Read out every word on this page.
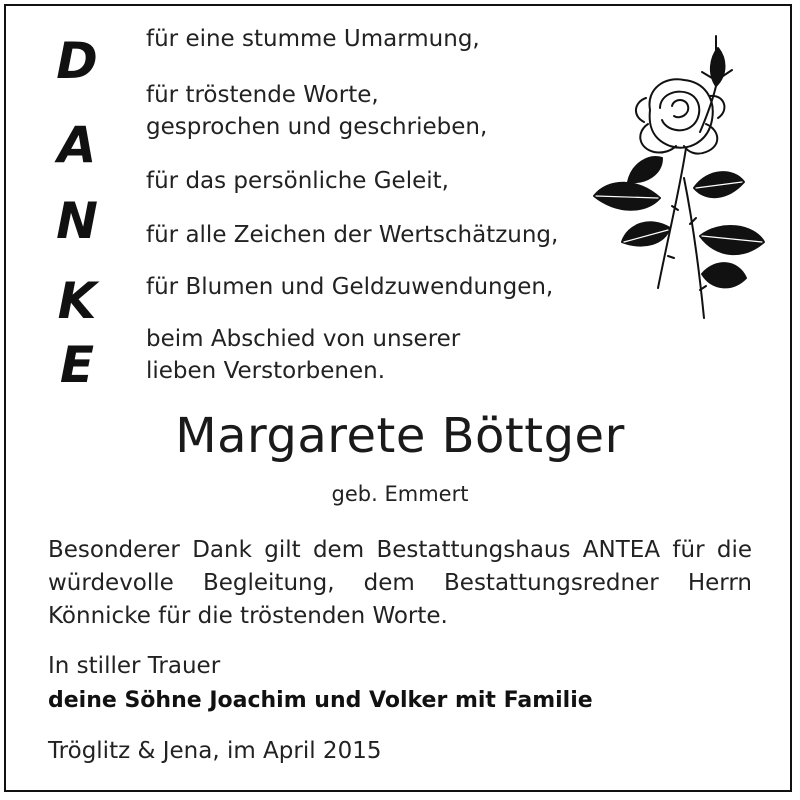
D
A
N
K
E
für eine stumme Umarmung,
für tröstende Worte,
gesprochen und geschrieben,
für das persönliche Geleit,
für alle Zeichen der Wertschätzung,
für Blumen und Geldzuwendungen,
beim Abschied von unserer
lieben Verstorbenen.
Margarete Böttger
geb. Emmert
Besonderer Dank gilt dem Bestattungshaus ANTEA für die würdevolle Begleitung, dem Bestattungsredner Herrn Könnicke für die tröstenden Worte.
In stiller Trauer
deine Söhne Joachim und Volker mit Familie
Tröglitz & Jena, im April 2015
